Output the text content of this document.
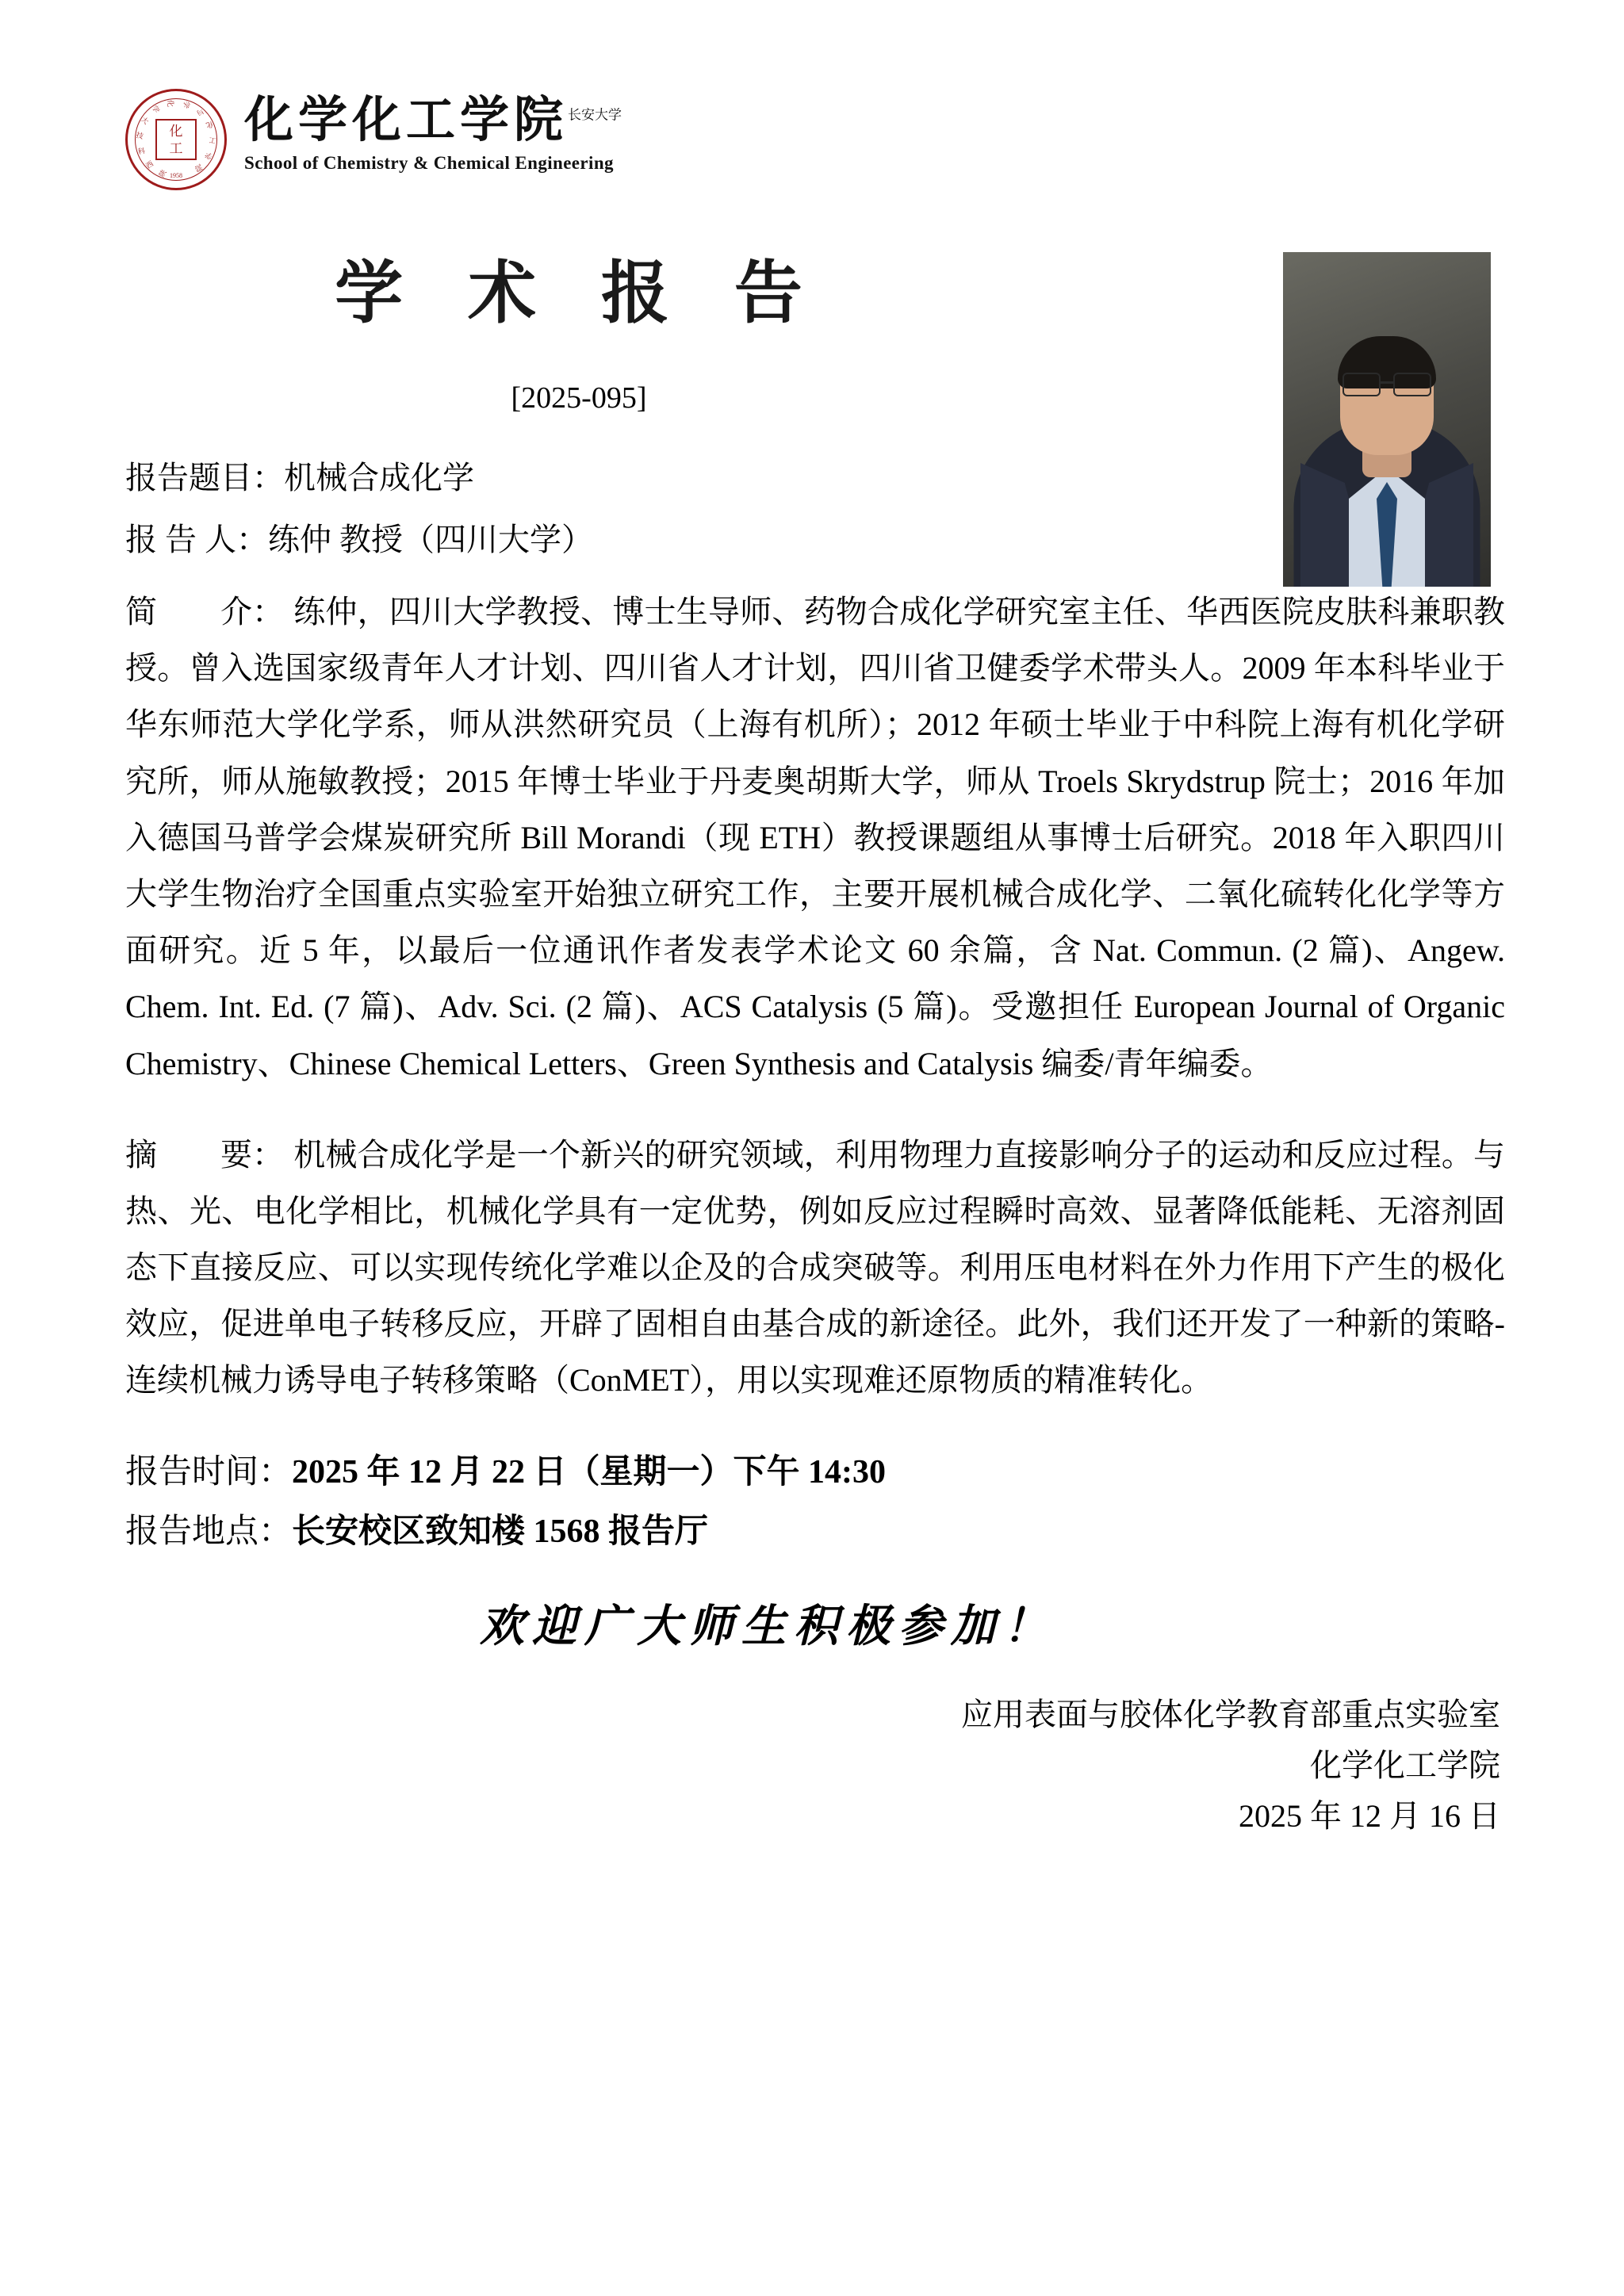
陕
西
科
技
大
学
化 学
与
化
工
学
院
化
工
1958
化学化工学院$^{长安大学}$
School of Chemistry & Chemical Engineering
学 术 报 告
[2025-095]
报告题目：机械合成化学
报 告 人：练仲 教授（四川大学）
简　　介： 练仲，四川大学教授、博士生导师、药物合成化学研究室主任、华西医院皮肤科兼职教授。曾入选国家级青年人才计划、四川省人才计划，四川省卫健委学术带头人。2009 年本科毕业于华东师范大学化学系，师从洪然研究员（上海有机所）；2012 年硕士毕业于中科院上海有机化学研究所，师从施敏教授；2015 年博士毕业于丹麦奥胡斯大学，师从 Troels Skrydstrup 院士；2016 年加入德国马普学会煤炭研究所 Bill Morandi（现 ETH）教授课题组从事博士后研究。2018 年入职四川大学生物治疗全国重点实验室开始独立研究工作，主要开展机械合成化学、二氧化硫转化化学等方面研究。近 5 年，以最后一位通讯作者发表学术论文 60 余篇，含 Nat. Commun. (2 篇)、Angew. Chem. Int. Ed. (7 篇)、Adv. Sci. (2 篇)、ACS Catalysis (5 篇)。受邀担任 European Journal of Organic Chemistry、Chinese Chemical Letters、Green Synthesis and Catalysis 编委/青年编委。
摘　　要： 机械合成化学是一个新兴的研究领域，利用物理力直接影响分子的运动和反应过程。与热、光、电化学相比，机械化学具有一定优势，例如反应过程瞬时高效、显著降低能耗、无溶剂固态下直接反应、可以实现传统化学难以企及的合成突破等。利用压电材料在外力作用下产生的极化效应，促进单电子转移反应，开辟了固相自由基合成的新途径。此外，我们还开发了一种新的策略-连续机械力诱导电子转移策略（ConMET），用以实现难还原物质的精准转化。
报告时间：2025 年 12 月 22 日（星期一）下午 14:30
报告地点：长安校区致知楼 1568 报告厅
欢迎广大师生积极参加！
应用表面与胶体化学教育部重点实验室
化学化工学院
2025 年 12 月 16 日
